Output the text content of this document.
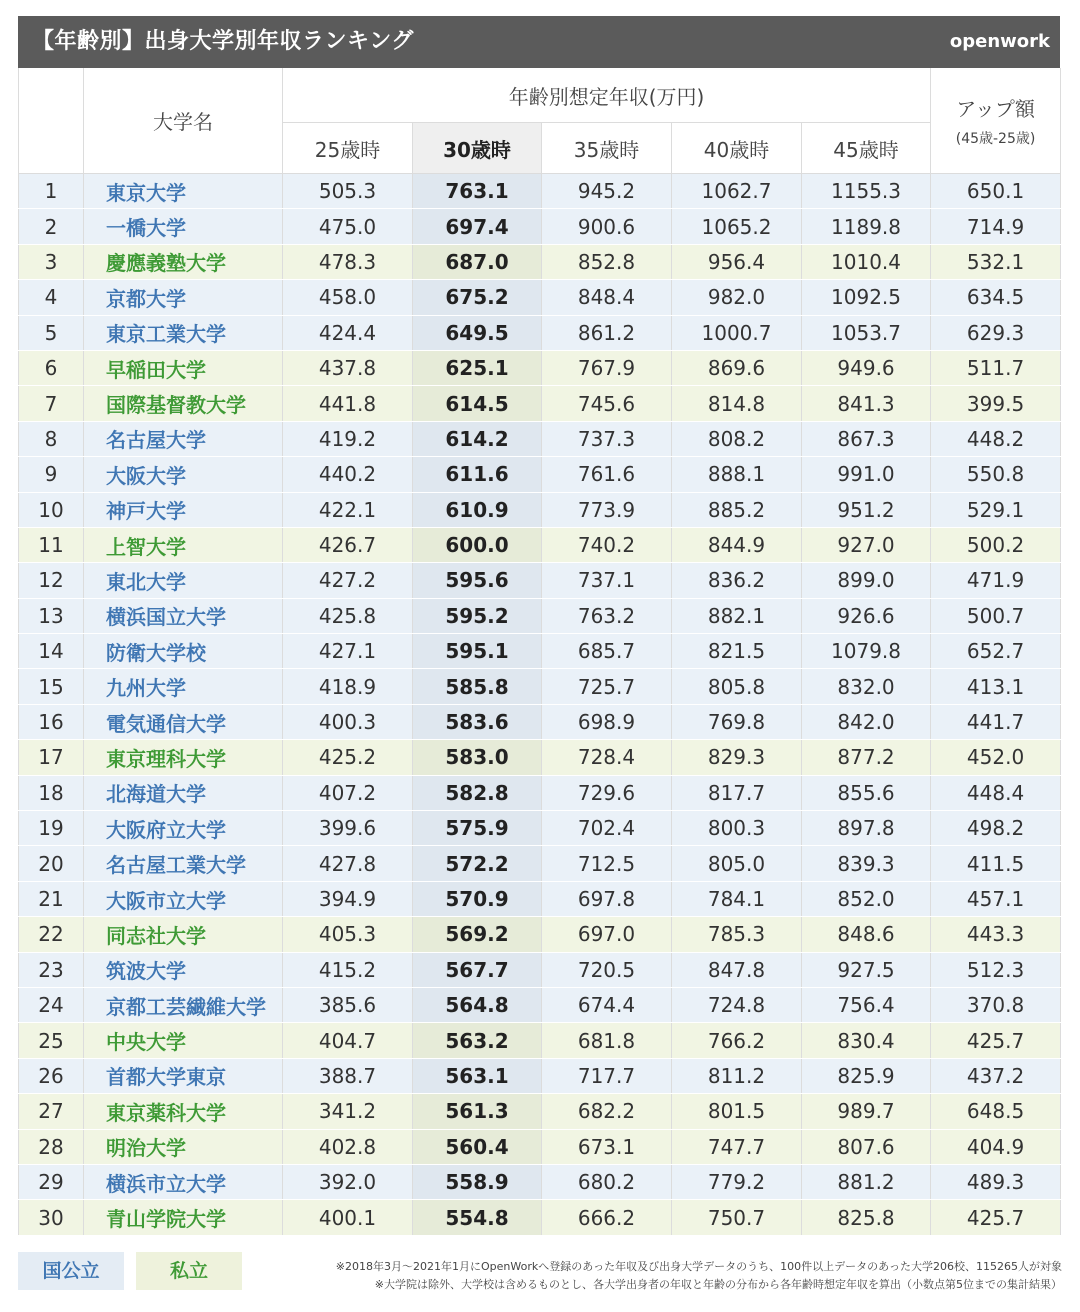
【年齢別】出身大学別年収ランキング	openwork
	大学名	年齢別想定年収(万円)					アップ額
(45歳-25歳)

		25歳時	30歳時	35歳時	40歳時	45歳時	
1	東京大学	505.3	763.1	945.2	1062.7	1155.3	650.1
2	一橋大学	475.0	697.4	900.6	1065.2	1189.8	714.9
3	慶應義塾大学	478.3	687.0	852.8	956.4	1010.4	532.1
4	京都大学	458.0	675.2	848.4	982.0	1092.5	634.5
5	東京工業大学	424.4	649.5	861.2	1000.7	1053.7	629.3
6	早稲田大学	437.8	625.1	767.9	869.6	949.6	511.7
7	国際基督教大学	441.8	614.5	745.6	814.8	841.3	399.5
8	名古屋大学	419.2	614.2	737.3	808.2	867.3	448.2
9	大阪大学	440.2	611.6	761.6	888.1	991.0	550.8
10	神戸大学	422.1	610.9	773.9	885.2	951.2	529.1
11	上智大学	426.7	600.0	740.2	844.9	927.0	500.2
12	東北大学	427.2	595.6	737.1	836.2	899.0	471.9
13	横浜国立大学	425.8	595.2	763.2	882.1	926.6	500.7
14	防衛大学校	427.1	595.1	685.7	821.5	1079.8	652.7
15	九州大学	418.9	585.8	725.7	805.8	832.0	413.1
16	電気通信大学	400.3	583.6	698.9	769.8	842.0	441.7
17	東京理科大学	425.2	583.0	728.4	829.3	877.2	452.0
18	北海道大学	407.2	582.8	729.6	817.7	855.6	448.4
19	大阪府立大学	399.6	575.9	702.4	800.3	897.8	498.2
20	名古屋工業大学	427.8	572.2	712.5	805.0	839.3	411.5
21	大阪市立大学	394.9	570.9	697.8	784.1	852.0	457.1
22	同志社大学	405.3	569.2	697.0	785.3	848.6	443.3
23	筑波大学	415.2	567.7	720.5	847.8	927.5	512.3
24	京都工芸繊維大学	385.6	564.8	674.4	724.8	756.4	370.8
25	中央大学	404.7	563.2	681.8	766.2	830.4	425.7
26	首都大学東京	388.7	563.1	717.7	811.2	825.9	437.2
27	東京薬科大学	341.2	561.3	682.2	801.5	989.7	648.5
28	明治大学	402.8	560.4	673.1	747.7	807.6	404.9
29	横浜市立大学	392.0	558.9	680.2	779.2	881.2	489.3
30	青山学院大学	400.1	554.8	666.2	750.7	825.8	425.7
国公立	私立	※2018年3月〜2021年1月にOpenWorkへ登録のあった年収及び出身大学データのうち、100件以上データのあった大学206校、115265人が対象
※大学院は除外、大学校は含めるものとし、各大学出身者の年収と年齢の分布から各年齢時想定年収を算出（小数点第5位までの集計結果）
